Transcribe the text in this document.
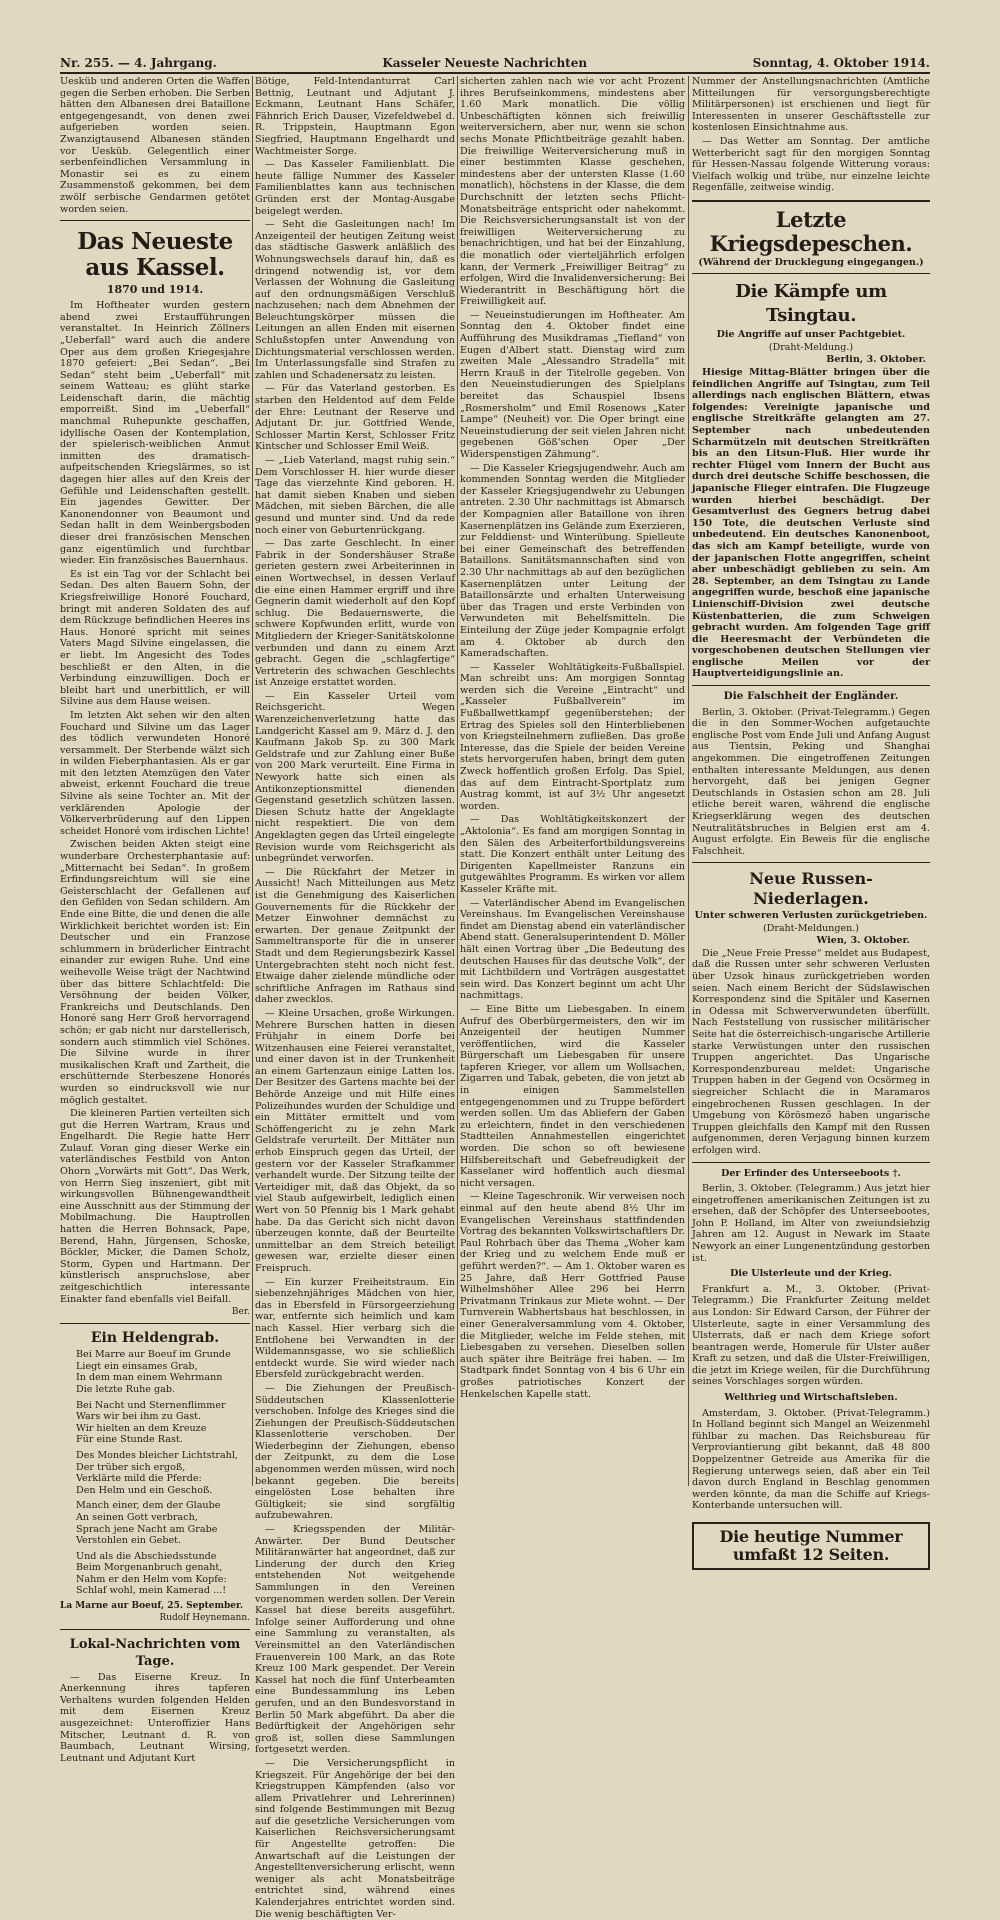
Nr. 255. — 4. Jahrgang.	Kasseler Neueste Nachrichten	Sonntag, 4. Oktober 1914.

Uesküb und anderen Orten die Waffen gegen die Serben erhoben. Die Serben hätten den Albanesen drei Bataillone entgegengesandt, von denen zwei aufgerieben worden seien. Zwanzigtausend Albanesen ständen vor Uesküb. Gelegentlich einer serbenfeindlichen Versammlung in Monastir sei es zu einem Zusammenstoß gekommen, bei dem zwölf serbische Gendarmen getötet worden seien.

Das Neueste aus Kassel.
1870 und 1914.

Im Hoftheater wurden gestern abend zwei Erstaufführungen veranstaltet. In Heinrich Zöllners „Ueberfall“ ward auch die andere Oper aus dem großen Kriegesjahre 1870 gefeiert: „Bei Sedan“. „Bei Sedan“ steht beim „Ueberfall“ mit seinem Watteau; es glüht starke Leidenschaft darin, die mächtig emporreißt. Sind im „Ueberfall“ manchmal Ruhepunkte geschaffen, idyllische Oasen der Kontemplation, der spielerisch-weiblichen Anmut inmitten des dramatisch-aufpeitschenden Kriegslärmes, so ist dagegen hier alles auf den Kreis der Gefühle und Leidenschaften gestellt. Ein jagendes Gewitter. Der Kanonendonner von Beaumont und Sedan hallt in dem Weinbergsboden dieser drei französischen Menschen ganz eigentümlich und furchtbar wieder. Ein französisches Bauernhaus.

Es ist ein Tag vor der Schlacht bei Sedan. Des alten Bauern Sohn, der Kriegsfreiwillige Honoré Fouchard, bringt mit anderen Soldaten des auf dem Rückzuge befindlichen Heeres ins Haus. Honoré spricht mit seines Vaters Magd Silvine eingelassen, die er liebt. Im Angesicht des Todes beschließt er den Alten, in die Verbindung einzuwilligen. Doch er bleibt hart und unerbittlich, er will Silvine aus dem Hause weisen.

Im letzten Akt sehen wir den alten Fouchard und Silvine um das Lager des tödlich verwundeten Honoré versammelt. Der Sterbende wälzt sich in wilden Fieberphantasien. Als er gar mit den letzten Atemzügen den Vater abweist, erkennt Fouchard die treue Silvine als seine Tochter an. Mit der verklärenden Apologie der Völkerverbrüderung auf den Lippen scheidet Honoré vom irdischen Lichte!

Zwischen beiden Akten steigt eine wunderbare Orchesterphantasie auf: „Mitternacht bei Sedan“. In großem Erfindungsreichtum will sie eine Geisterschlacht der Gefallenen auf den Gefilden von Sedan schildern. Am Ende eine Bitte, die und denen die alle Wirklichkeit berichtet worden ist: Ein Deutscher und ein Franzose schlummern in brüderlicher Eintracht einander zur ewigen Ruhe. Und eine weihevolle Weise trägt der Nachtwind über das bittere Schlachtfeld: Die Versöhnung der beiden Völker, Frankreichs und Deutschlands. Den Honoré sang Herr Groß hervorragend schön; er gab nicht nur darstellerisch, sondern auch stimmlich viel Schönes. Die Silvine wurde in ihrer musikalischen Kraft und Zartheit, die erschütternde Sterbeszene Honorés wurden so eindrucksvoll wie nur möglich gestaltet.

Die kleineren Partien verteilten sich gut die Herren Wartram, Kraus und Engelhardt. Die Regie hatte Herr Zulauf. Voran ging dieser Werke ein vaterländisches Festbild von Anton Ohorn „Vorwärts mit Gott“. Das Werk, von Herrn Sieg inszeniert, gibt mit wirkungsvollen Bühnengewandtheit eine Ausschnitt aus der Stimmung der Mobilmachung. Die Hauptrollen hatten die Herren Bohnsack, Pape, Berend, Hahn, Jürgensen, Schoske, Böckler, Micker, die Damen Scholz, Storm, Gypen und Hartmann. Der künstlerisch anspruchslose, aber zeitgeschichtlich interessante Einakter fand ebenfalls viel Beifall.

Ber.
Ein Heldengrab.
Bei Marre aur Boeuf im Grunde
Liegt ein einsames Grab,
In dem man einem Wehrmann
Die letzte Ruhe gab.
Bei Nacht und Sternenflimmer
Wars wir bei ihm zu Gast.
Wir hielten an dem Kreuze
Für eine Stunde Rast.
Des Mondes bleicher Lichtstrahl,
Der trüber sich ergoß,
Verklärte mild die Pferde:
Den Helm und ein Geschoß.
Manch einer, dem der Glaube
An seinen Gott verbrach,
Sprach jene Nacht am Grabe
Verstohlen ein Gebet.
Und als die Abschiedsstunde
Beim Morgenanbruch genaht,
Nahm er den Helm vom Kopfe:
Schlaf wohl, mein Kamerad ...!
La Marne aur Boeuf, 25. September.
Rudolf Heynemann.
Lokal-Nachrichten vom Tage.

— Das Eiserne Kreuz. In Anerkennung ihres tapferen Verhaltens wurden folgenden Helden mit dem Eisernen Kreuz ausgezeichnet: Unteroffizier Hans Mitscher, Leutnant d. R. von Baumbach, Leutnant Wirsing, Leutnant und Adjutant Kurt

Bötige, Feld-Intendanturrat Carl Bettnig, Leutnant und Adjutant J. Eckmann, Leutnant Hans Schäfer, Fähnrich Erich Dauser, Vizefeldwebel d. R. Trippstein, Hauptmann Egon Siegfried, Hauptmann Engelhardt und Wachtmeister Sorge.

— Das Kasseler Familienblatt. Die heute fällige Nummer des Kasseler Familienblattes kann aus technischen Gründen erst der Montag-Ausgabe beigelegt werden.

— Seht die Gasleitungen nach! Im Anzeigenteil der heutigen Zeitung weist das städtische Gaswerk anläßlich des Wohnungswechsels darauf hin, daß es dringend notwendig ist, vor dem Verlassen der Wohnung die Gasleitung auf den ordnungsmäßigen Verschluß nachzusehen; nach dem Abnehmen der Beleuchtungskörper müssen die Leitungen an allen Enden mit eisernen Schlußstopfen unter Anwendung von Dichtungsmaterial verschlossen werden. Im Unterlassungsfalle sind Strafen zu zahlen und Schadenersatz zu leisten.

— Für das Vaterland gestorben. Es starben den Heldentod auf dem Felde der Ehre: Leutnant der Reserve und Adjutant Dr. jur. Gottfried Wende, Schlosser Martin Kerst, Schlosser Fritz Kintscher und Schlosser Emil Weiß.

— „Lieb Vaterland, magst ruhig sein.“ Dem Vorschlosser H. hier wurde dieser Tage das vierzehnte Kind geboren. H. hat damit sieben Knaben und sieben Mädchen, mit sieben Bärchen, die alle gesund und munter sind. Und da rede noch einer von Geburtenrückgang.

— Das zarte Geschlecht. In einer Fabrik in der Sondershäuser Straße gerieten gestern zwei Arbeiterinnen in einen Wortwechsel, in dessen Verlauf die eine einen Hammer ergriff und ihre Gegnerin damit wiederholt auf den Kopf schlug. Die Bedauernswerte, die schwere Kopfwunden erlitt, wurde von Mitgliedern der Krieger-Sanitätskolonne verbunden und dann zu einem Arzt gebracht. Gegen die „schlagfertige“ Vertreterin des schwachen Geschlechts ist Anzeige erstattet worden.

— Ein Kasseler Urteil vom Reichsgericht. Wegen Warenzeichenverletzung hatte das Landgericht Kassel am 9. März d. J. den Kaufmann Jakob Sp. zu 300 Mark Geldstrafe und zur Zahlung einer Buße von 200 Mark verurteilt. Eine Firma in Newyork hatte sich einen als Antikonzeptionsmittel dienenden Gegenstand gesetzlich schützen lassen. Diesen Schutz hatte der Angeklagte nicht respektiert. Die von dem Angeklagten gegen das Urteil eingelegte Revision wurde vom Reichsgericht als unbegründet verworfen.

— Die Rückfahrt der Metzer in Aussicht! Nach Mitteilungen aus Metz ist die Genehmigung des Kaiserlichen Gouvernements für die Rückkehr der Metzer Einwohner demnächst zu erwarten. Der genaue Zeitpunkt der Sammeltransporte für die in unserer Stadt und dem Regierungsbezirk Kassel Untergebrachten steht noch nicht fest. Etwaige daher zielende mündliche oder schriftliche Anfragen im Rathaus sind daher zwecklos.

— Kleine Ursachen, große Wirkungen. Mehrere Burschen hatten in diesen Frühjahr in einem Dorfe bei Witzenhausen eine Feierei veranstaltet, und einer davon ist in der Trunkenheit an einem Gartenzaun einige Latten los. Der Besitzer des Gartens machte bei der Behörde Anzeige und mit Hilfe eines Polizeihundes wurden der Schuldige und ein Mittäter ermittelt und vom Schöffengericht zu je zehn Mark Geldstrafe verurteilt. Der Mittäter nun erhob Einspruch gegen das Urteil, der gestern vor der Kasseler Strafkammer verhandelt wurde. Der Sitzung teilte der Verteidiger mit, daß das Objekt, da so viel Staub aufgewirbelt, lediglich einen Wert von 50 Pfennig bis 1 Mark gehabt habe. Da das Gericht sich nicht davon überzeugen konnte, daß der Beurteilte unmittelbar an dem Streich beteiligt gewesen war, erzielte dieser einen Freispruch.

— Ein kurzer Freiheitstraum. Ein siebenzehnjähriges Mädchen von hier, das in Ebersfeld in Fürsorgeerziehung war, entfernte sich heimlich und kam nach Kassel. Hier verbarg sich die Entflohene bei Verwandten in der Wildemannsgasse, wo sie schließlich entdeckt wurde. Sie wird wieder nach Ebersfeld zurückgebracht werden.

— Die Ziehungen der Preußisch-Süddeutschen Klassenlotterie verschoben. Infolge des Krieges sind die Ziehungen der Preußisch-Süddeutschen Klassenlotterie verschoben. Der Wiederbeginn der Ziehungen, ebenso der Zeitpunkt, zu dem die Lose abgenommen werden müssen, wird noch bekannt gegeben. Die bereits eingelösten Lose behalten ihre Gültigkeit; sie sind sorgfältig aufzubewahren.

— Kriegsspenden der Militär-Anwärter. Der Bund Deutscher Militäranwärter hat angeordnet, daß zur Linderung der durch den Krieg entstehenden Not weitgehende Sammlungen in den Vereinen vorgenommen werden sollen. Der Verein Kassel hat diese bereits ausgeführt. Infolge seiner Aufforderung und ohne eine Sammlung zu veranstalten, als Vereinsmittel an den Vaterländischen Frauenverein 100 Mark, an das Rote Kreuz 100 Mark gespendet. Der Verein Kassel hat noch die fünf Unterbeamten eine Bundessammlung ins Leben gerufen, und an den Bundesvorstand in Berlin 50 Mark abgeführt. Da aber die Bedürftigkeit der Angehörigen sehr groß ist, sollen diese Sammlungen fortgesetzt werden.

— Die Versicherungspflicht in Kriegszeit. Für Angehörige der bei den Kriegstruppen Kämpfenden (also vor allem Privatlehrer und Lehrerinnen) sind folgende Bestimmungen mit Bezug auf die gesetzliche Versicherungen vom Kaiserlichen Reichsversicherungsamt für Angestellte getroffen: Die Anwartschaft auf die Leistungen der Angestelltenversicherung erlischt, wenn weniger als acht Monatsbeiträge entrichtet sind, während eines Kalenderjahres entrichtet worden sind. Die wenig beschäftigten Ver-

sicherten zahlen nach wie vor acht Prozent ihres Berufseinkommens, mindestens aber 1.60 Mark monatlich. Die völlig Unbeschäftigten können sich freiwillig weiterversichern, aber nur, wenn sie schon sechs Monate Pflichtbeiträge gezahlt haben. Die freiwillige Weiterversicherung muß in einer bestimmten Klasse geschehen, mindestens aber der untersten Klasse (1.60 monatlich), höchstens in der Klasse, die dem Durchschnitt der letzten sechs Pflicht-Monatsbeiträge entspricht oder nahekommt. Die Reichsversicherungsanstalt ist von der freiwilligen Weiterversicherung zu benachrichtigen, und hat bei der Einzahlung, die monatlich oder vierteljährlich erfolgen kann, der Vermerk „Freiwilliger Beitrag“ zu erfolgen, Wird die Invalidenversicherung: Bei Wiederantritt in Beschäftigung hört die Freiwilligkeit auf.

— Neueinstudierungen im Hoftheater. Am Sonntag den 4. Oktober findet eine Aufführung des Musikdramas „Tiefland“ von Eugen d'Albert statt. Dienstag wird zum zweiten Male „Alessandro Stradella“ mit Herrn Krauß in der Titelrolle gegeben. Von den Neueinstudierungen des Spielplans bereitet das Schauspiel Ibsens „Rosmersholm“ und Emil Rosenows „Kater Lampe“ (Neuheit) vor. Die Oper bringt eine Neueinstudierung der seit vielen Jahren nicht gegebenen Göß'schen Oper „Der Widerspenstigen Zähmung“.

— Die Kasseler Kriegsjugendwehr. Auch am kommenden Sonntag werden die Mitglieder der Kasseler Kriegsjugendwehr zu Uebungen antreten. 2.30 Uhr nachmittags ist Abmarsch der Kompagnien aller Bataillone von ihren Kasernenplätzen ins Gelände zum Exerzieren, zur Felddienst- und Winterübung. Spielleute bei einer Gemeinschaft des betreffenden Bataillons. Sanitätsmannschaften sind von 2.30 Uhr nachmittags ab auf den bezüglichen Kasernenplätzen unter Leitung der Bataillonsärzte und erhalten Unterweisung über das Tragen und erste Verbinden von Verwundeten mit Behelfsmitteln. Die Einteilung der Züge jeder Kompagnie erfolgt am 4. Oktober ab durch den Kameradschaften.

— Kasseler Wohltätigkeits-Fußballspiel. Man schreibt uns: Am morgigen Sonntag werden sich die Vereine „Eintracht“ und „Kasseler Fußballverein“ im Fußballwettkampf gegenüberstehen; der Ertrag des Spieles soll den Hinterbliebenen von Kriegsteilnehmern zufließen. Das große Interesse, das die Spiele der beiden Vereine stets hervorgerufen haben, bringt dem guten Zweck hoffentlich großen Erfolg. Das Spiel, das auf dem Eintracht-Sportplatz zum Austrag kommt, ist auf 3½ Uhr angesetzt worden.

— Das Wohltätigkeitskonzert der „Aktolonia“. Es fand am morgigen Sonntag in den Sälen des Arbeiterfortbildungsvereins statt. Die Konzert enthält unter Leitung des Dirigenten Kapellmeister Ranzuns ein gutgewähltes Programm. Es wirken vor allem Kasseler Kräfte mit.

— Vaterländischer Abend im Evangelischen Vereinshaus. Im Evangelischen Vereinshause findet am Dienstag abend ein vaterländischer Abend statt. Generalsuperintendent D. Möller hält einen Vortrag über „Die Bedeutung des deutschen Hauses für das deutsche Volk“, der mit Lichtbildern und Vorträgen ausgestattet sein wird. Das Konzert beginnt um acht Uhr nachmittags.

— Eine Bitte um Liebesgaben. In einem Aufruf des Oberbürgermeisters, den wir im Anzeigenteil der heutigen Nummer veröffentlichen, wird die Kasseler Bürgerschaft um Liebesgaben für unsere tapferen Krieger, vor allem um Wollsachen, Zigarren und Tabak, gebeten, die von jetzt ab in einigen Sammelstellen entgegengenommen und zu Truppe befördert werden sollen. Um das Abliefern der Gaben zu erleichtern, findet in den verschiedenen Stadtteilen Annahmestellen eingerichtet worden. Die schon so oft bewiesene Hilfsbereitschaft und Gebefreudigkeit der Kasselaner wird hoffentlich auch diesmal nicht versagen.

— Kleine Tageschronik. Wir verweisen noch einmal auf den heute abend 8½ Uhr im Evangelischen Vereinshaus stattfindenden Vortrag des bekannten Volkswirtschaftlers Dr. Paul Rohrbach über das Thema „Woher kam der Krieg und zu welchem Ende muß er geführt werden?“. — Am 1. Oktober waren es 25 Jahre, daß Herr Gottfried Pause Wilhelmshöher Allee 296 bei Herrn Privatmann Trinkaus zur Miete wohnt. — Der Turnverein Wabhertsbaus hat beschlossen, in einer Generalversammlung vom 4. Oktober, die Mitglieder, welche im Felde stehen, mit Liebesgaben zu versehen. Dieselben sollen auch später ihre Beiträge frei haben. — Im Stadtpark findet Sonntag von 4 bis 6 Uhr ein großes patriotisches Konzert der Henkelschen Kapelle statt.

Nummer der Anstellungsnachrichten (Amtliche Mitteilungen für versorgungsberechtigte Militärpersonen) ist erschienen und liegt für Interessenten in unserer Geschäftsstelle zur kostenlosen Einsichtnahme aus.

— Das Wetter am Sonntag. Der amtliche Wetterbericht sagt für den morgigen Sonntag für Hessen-Nassau folgende Witterung voraus: Vielfach wolkig und trübe, nur einzelne leichte Regenfälle, zeitweise windig.

Letzte Kriegsdepeschen.
(Während der Drucklegung eingegangen.)
Die Kämpfe um Tsingtau.
Die Angriffe auf unser Pachtgebiet.
(Draht-Meldung.)
Berlin, 3. Oktober.

Hiesige Mittag-Blätter bringen über die feindlichen Angriffe auf Tsingtau, zum Teil allerdings nach englischen Blättern, etwas folgendes: Vereinigte japanische und englische Streitkräfte gelangten am 27. September nach unbedeutenden Scharmützeln mit deutschen Streitkräften bis an den Litsun-Fluß. Hier wurde ihr rechter Flügel vom Innern der Bucht aus durch drei deutsche Schiffe beschossen, die japanische Flieger eintrafen. Die Flugzeuge wurden hierbei beschädigt. Der Gesamtverlust des Gegners betrug dabei 150 Tote, die deutschen Verluste sind unbedeutend. Ein deutsches Kanonenboot, das sich am Kampf beteiligte, wurde von der japanischen Flotte angegriffen, scheint aber unbeschädigt geblieben zu sein. Am 28. September, an dem Tsingtau zu Lande angegriffen wurde, beschoß eine japanische Linienschiff-Division zwei deutsche Küstenbatterien, die zum Schweigen gebracht wurden. Am folgenden Tage griff die Heeresmacht der Verbündeten die vorgeschobenen deutschen Stellungen vier englische Meilen vor der Hauptverteidigungslinie an.

Die Falschheit der Engländer.

Berlin, 3. Oktober. (Privat-Telegramm.) Gegen die in den Sommer-Wochen aufgetauchte englische Post vom Ende Juli und Anfang August aus Tientsin, Peking und Shanghai angekommen. Die eingetroffenen Zeitungen enthalten interessante Meldungen, aus denen hervorgeht, daß bei jenigen Gegner Deutschlands in Ostasien schon am 28. Juli etliche bereit waren, während die englische Kriegserklärung wegen des deutschen Neutralitätsbruches in Belgien erst am 4. August erfolgte. Ein Beweis für die englische Falschheit.

Neue Russen-Niederlagen.
Unter schweren Verlusten zurückgetrieben.
(Draht-Meldungen.)
Wien, 3. Oktober.

Die „Neue Freie Presse“ meldet aus Budapest, daß die Russen unter sehr schweren Verlusten über Uzsok hinaus zurückgetrieben worden seien. Nach einem Bericht der Südslawischen Korrespondenz sind die Spitäler und Kasernen in Odessa mit Schwerverwundeten überfüllt. Nach Feststellung von russischer militärischer Seite hat die österreichisch-ungarische Artillerie starke Verwüstungen unter den russischen Truppen angerichtet. Das Ungarische Korrespondenzbureau meldet: Ungarische Truppen haben in der Gegend von Ocsörmeg in siegreicher Schlacht die in Maramaros eingebrochenen Russen geschlagen. In der Umgebung von Körösmező haben ungarische Truppen gleichfalls den Kampf mit den Russen aufgenommen, deren Verjagung binnen kurzem erfolgen wird.

Der Erfinder des Unterseeboots †.

Berlin, 3. Oktober. (Telegramm.) Aus jetzt hier eingetroffenen amerikanischen Zeitungen ist zu ersehen, daß der Schöpfer des Unterseebootes, John P. Holland, im Alter von zweiundsiebzig Jahren am 12. August in Newark im Staate Newyork an einer Lungenentzündung gestorben ist.

Die Ulsterleute und der Krieg.

Frankfurt a. M., 3. Oktober. (Privat-Telegramm.) Die Frankfurter Zeitung meldet aus London: Sir Edward Carson, der Führer der Ulsterleute, sagte in einer Versammlung des Ulsterrats, daß er nach dem Kriege sofort beantragen werde, Homerule für Ulster außer Kraft zu setzen, und daß die Ulster-Freiwilligen, die jetzt im Kriege weilen, für die Durchführung seines Vorschlages sorgen würden.

Welthrieg und Wirtschaftsleben.

Amsterdam, 3. Oktober. (Privat-Telegramm.) In Holland beginnt sich Mangel an Weizenmehl fühlbar zu machen. Das Reichsbureau für Verproviantierung gibt bekannt, daß 48 800 Doppelzentner Getreide aus Amerika für die Regierung unterwegs seien, daß aber ein Teil davon durch England in Beschlag genommen werden könnte, da man die Schiffe auf Kriegs-Konterbande untersuchen will.

Die heutige Nummer umfaßt 12 Seiten.
